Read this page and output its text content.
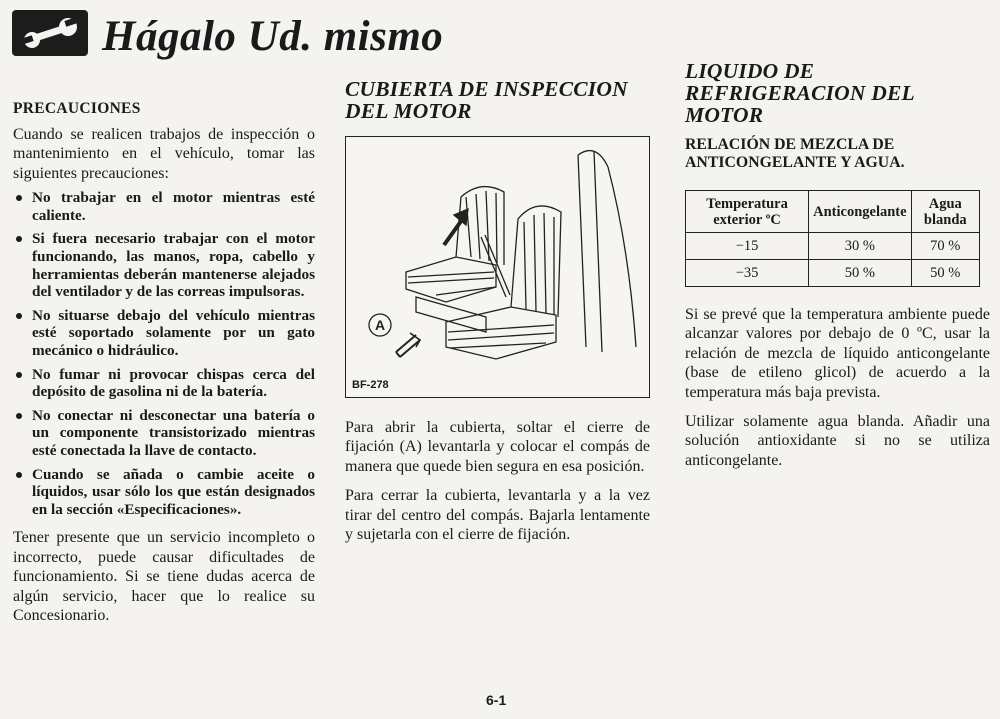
Hágalo Ud. mismo
PRECAUCIONES

Cuando se realicen trabajos de inspección o mantenimiento en el vehículo, tomar las siguientes precauciones:

No trabajar en el motor mientras esté caliente.
Si fuera necesario trabajar con el motor funcionando, las manos, ropa, cabello y herramientas deberán mantenerse alejados del ventilador y de las correas impulsoras.
No situarse debajo del vehículo mientras esté soportado solamente por un gato mecánico o hidráulico.
No fumar ni provocar chispas cerca del depósito de gasolina ni de la batería.
No conectar ni desconectar una batería o un componente transistorizado mientras esté conectada la llave de contacto.
Cuando se añada o cambie aceite o líquidos, usar sólo los que están designados en la sección «Especificaciones».

Tener presente que un servicio incompleto o incorrecto, puede causar dificultades de funcionamiento. Si se tiene dudas acerca de algún servicio, hacer que lo realice su Concesionario.

CUBIERTA DE INSPECCION DEL MOTOR
A
BF-278

Para abrir la cubierta, soltar el cierre de fijación (A) levantarla y colocar el compás de manera que quede bien segura en esa posición.

Para cerrar la cubierta, levantarla y a la vez tirar del centro del compás. Bajarla lentamente y sujetarla con el cierre de fijación.

LIQUIDO DE REFRIGERACION DEL MOTOR
RELACIÓN DE MEZCLA DE ANTICONGELANTE Y AGUA.
Temperatura exterior ºC	Anticongelante	Agua blanda
−15	30 %	70 %
−35	50 %	50 %

Si se prevé que la temperatura ambiente puede alcanzar valores por debajo de 0 ºC, usar la relación de mezcla de líquido anticongelante (base de etileno glicol) de acuerdo a la temperatura más baja prevista.

Utilizar solamente agua blanda. Añadir una solución antioxidante si no se utiliza anticongelante.

6-1
